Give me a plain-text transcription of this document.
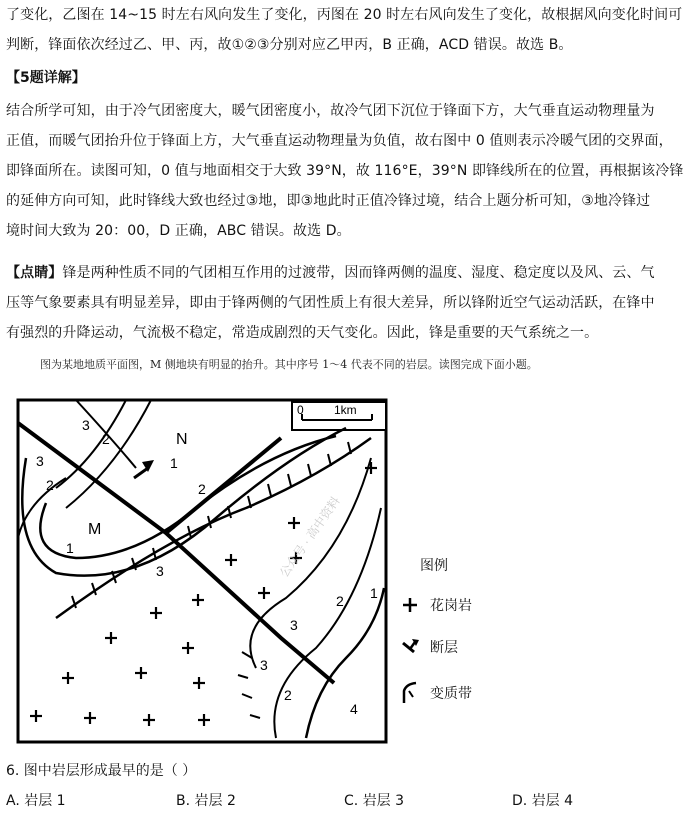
了变化，乙图在 14~15 时左右风向发生了变化，丙图在 20 时左右风向发生了变化，故根据风向变化时间可
判断，锋面依次经过乙、甲、丙，故①②③分别对应乙甲丙，B 正确，ACD 错误。故选 B。
【5题详解】
结合所学可知，由于冷气团密度大，暖气团密度小，故冷气团下沉位于锋面下方，大气垂直运动物理量为
正值，而暖气团抬升位于锋面上方，大气垂直运动物理量为负值，故右图中 0 值则表示冷暖气团的交界面，
即锋面所在。读图可知，0 值与地面相交于大致 39°N，故 116°E，39°N 即锋线所在的位置，再根据该冷锋
的延伸方向可知，此时锋线大致也经过③地，即③地此时正值冷锋过境，结合上题分析可知，③地冷锋过
境时间大致为 20：00，D 正确，ABC 错误。故选 D。
【点睛】锋是两种性质不同的气团相互作用的过渡带，因而锋两侧的温度、湿度、稳定度以及风、云、气
压等气象要素具有明显差异，即由于锋两侧的气团性质上有很大差异，所以锋附近空气运动活跃，在锋中
有强烈的升降运动，气流极不稳定，常造成剧烈的天气变化。因此，锋是重要的天气系统之一。
图为某地地质平面图，M 侧地块有明显的抬升。其中序号 1～4 代表不同的岩层。读图完成下面小题。
0	1km
N
M
3
2
3
2
1
2
1
3
3
2 1
3
2
4
公众号 · 高中资料	图例
花岗岩
断层
变质带
6. 图中岩层形成最早的是（ ）
A. 岩层 1	B. 岩层 2	C. 岩层 3	D. 岩层 4
